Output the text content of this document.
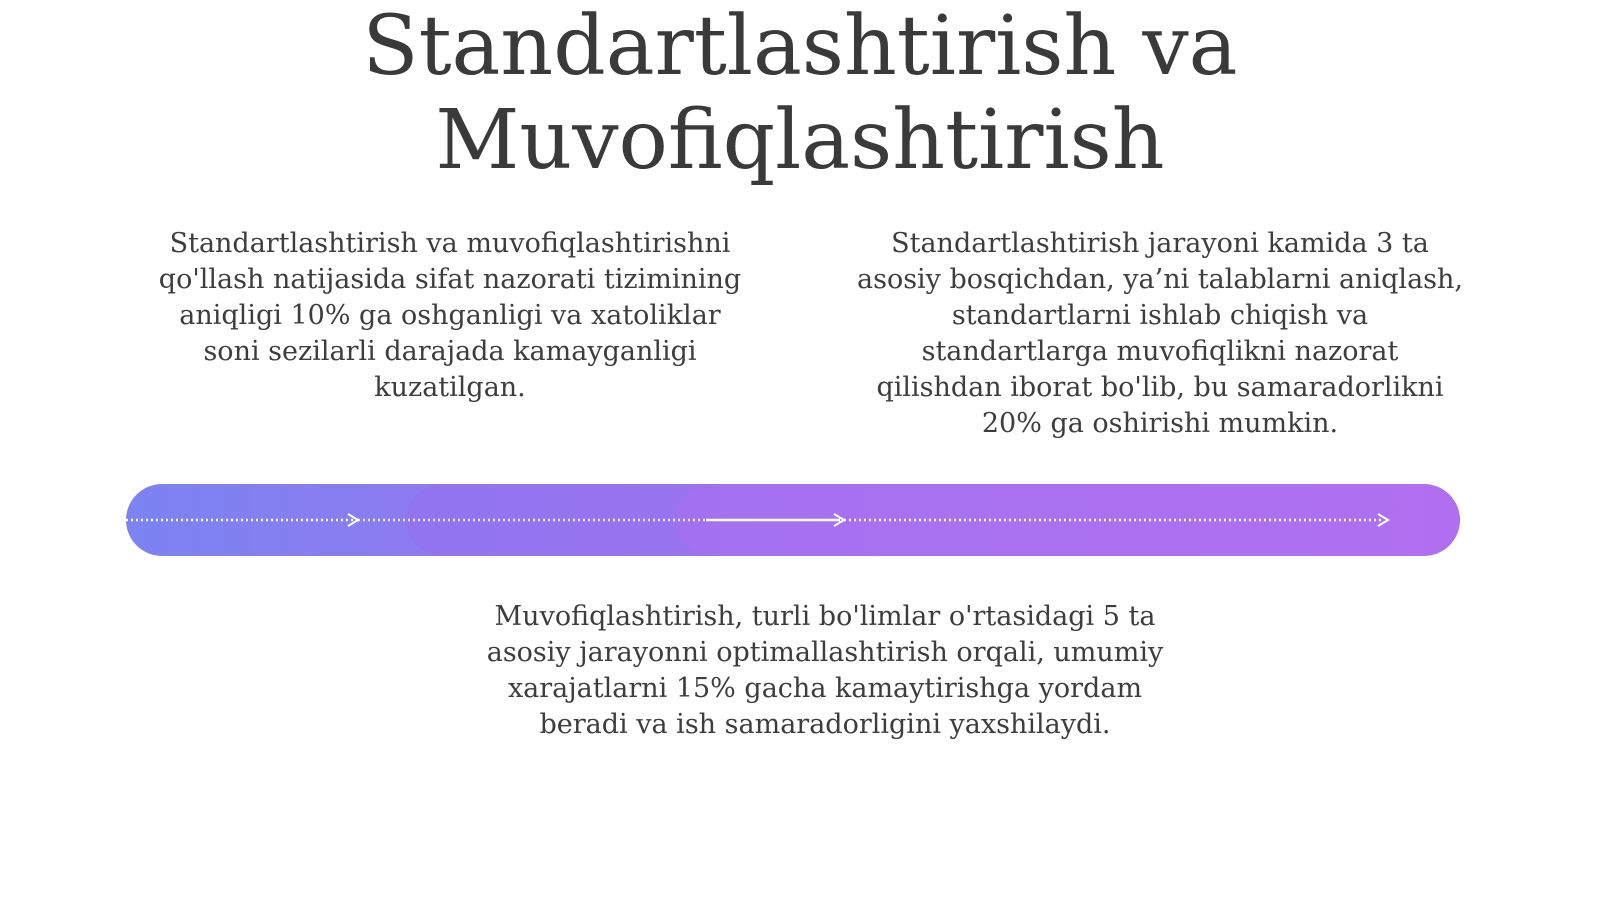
Standartlashtirish va
Muvofiqlashtirish

Standartlashtirish va muvofiqlashtirishni qo'llash natijasida sifat nazorati tizimining aniqligi 10% ga oshganligi va xatoliklar soni sezilarli darajada kamayganligi kuzatilgan.

Standartlashtirish jarayoni kamida 3 ta asosiy bosqichdan, ya’ni talablarni aniqlash, standartlarni ishlab chiqish va standartlarga muvofiqlikni nazorat qilishdan iborat bo'lib, bu samaradorlikni 20% ga oshirishi mumkin.

Muvofiqlashtirish, turli bo'limlar o'rtasidagi 5 ta asosiy jarayonni optimallashtirish orqali, umumiy xarajatlarni 15% gacha kamaytirishga yordam beradi va ish samaradorligini yaxshilaydi.
